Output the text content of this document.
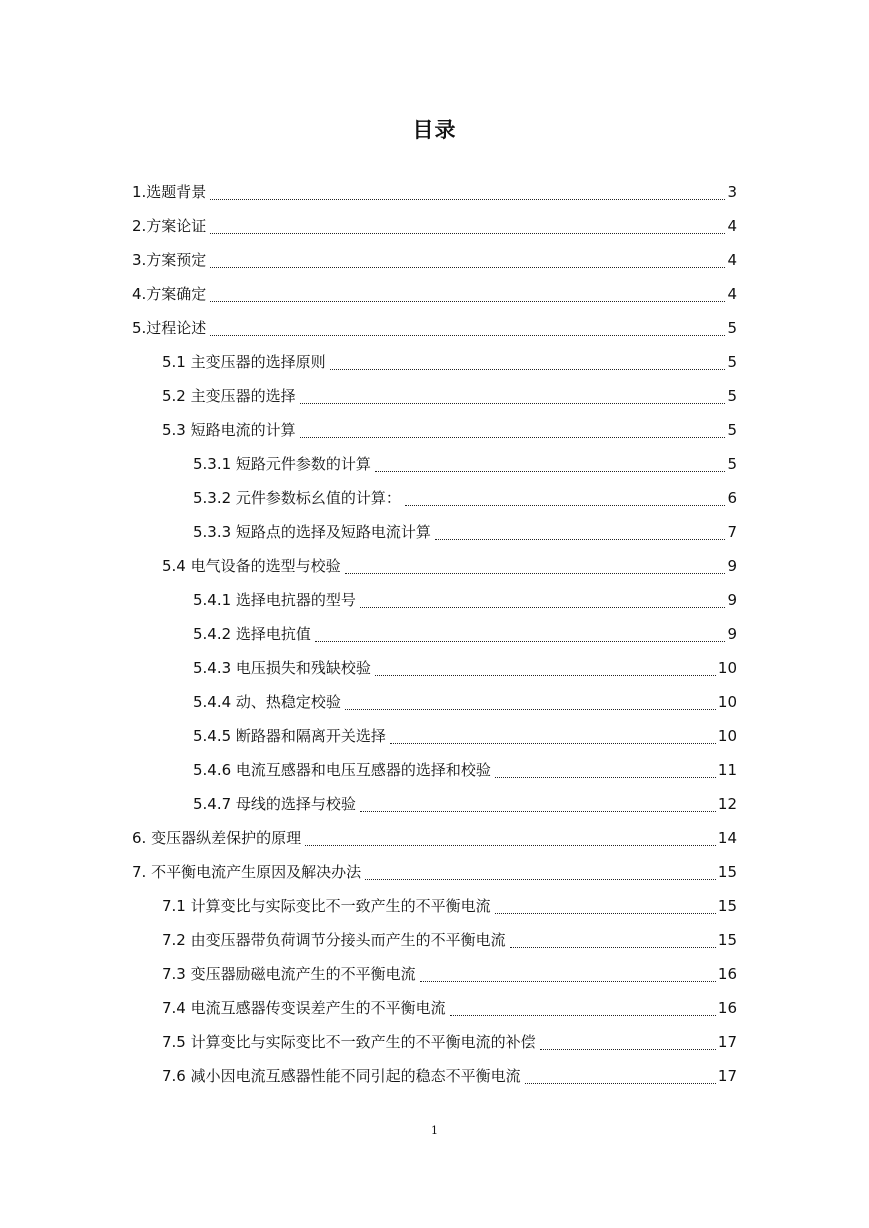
目录
1.选题背景	3
2.方案论证	4
3.方案预定	4
4.方案确定	4
5.过程论述	5
5.1 主变压器的选择原则	5
5.2 主变压器的选择	5
5.3 短路电流的计算	5
5.3.1 短路元件参数的计算	5
5.3.2 元件参数标幺值的计算：	6
5.3.3 短路点的选择及短路电流计算	7
5.4 电气设备的选型与校验	9
5.4.1 选择电抗器的型号	9
5.4.2 选择电抗值	9
5.4.3 电压损失和残缺校验	10
5.4.4 动、热稳定校验	10
5.4.5 断路器和隔离开关选择	10
5.4.6 电流互感器和电压互感器的选择和校验	11
5.4.7 母线的选择与校验	12
6. 变压器纵差保护的原理	14
7. 不平衡电流产生原因及解决办法	15
7.1 计算变比与实际变比不一致产生的不平衡电流	15
7.2 由变压器带负荷调节分接头而产生的不平衡电流	15
7.3 变压器励磁电流产生的不平衡电流	16
7.4 电流互感器传变误差产生的不平衡电流	16
7.5 计算变比与实际变比不一致产生的不平衡电流的补偿	17
7.6 减小因电流互感器性能不同引起的稳态不平衡电流	17
1
